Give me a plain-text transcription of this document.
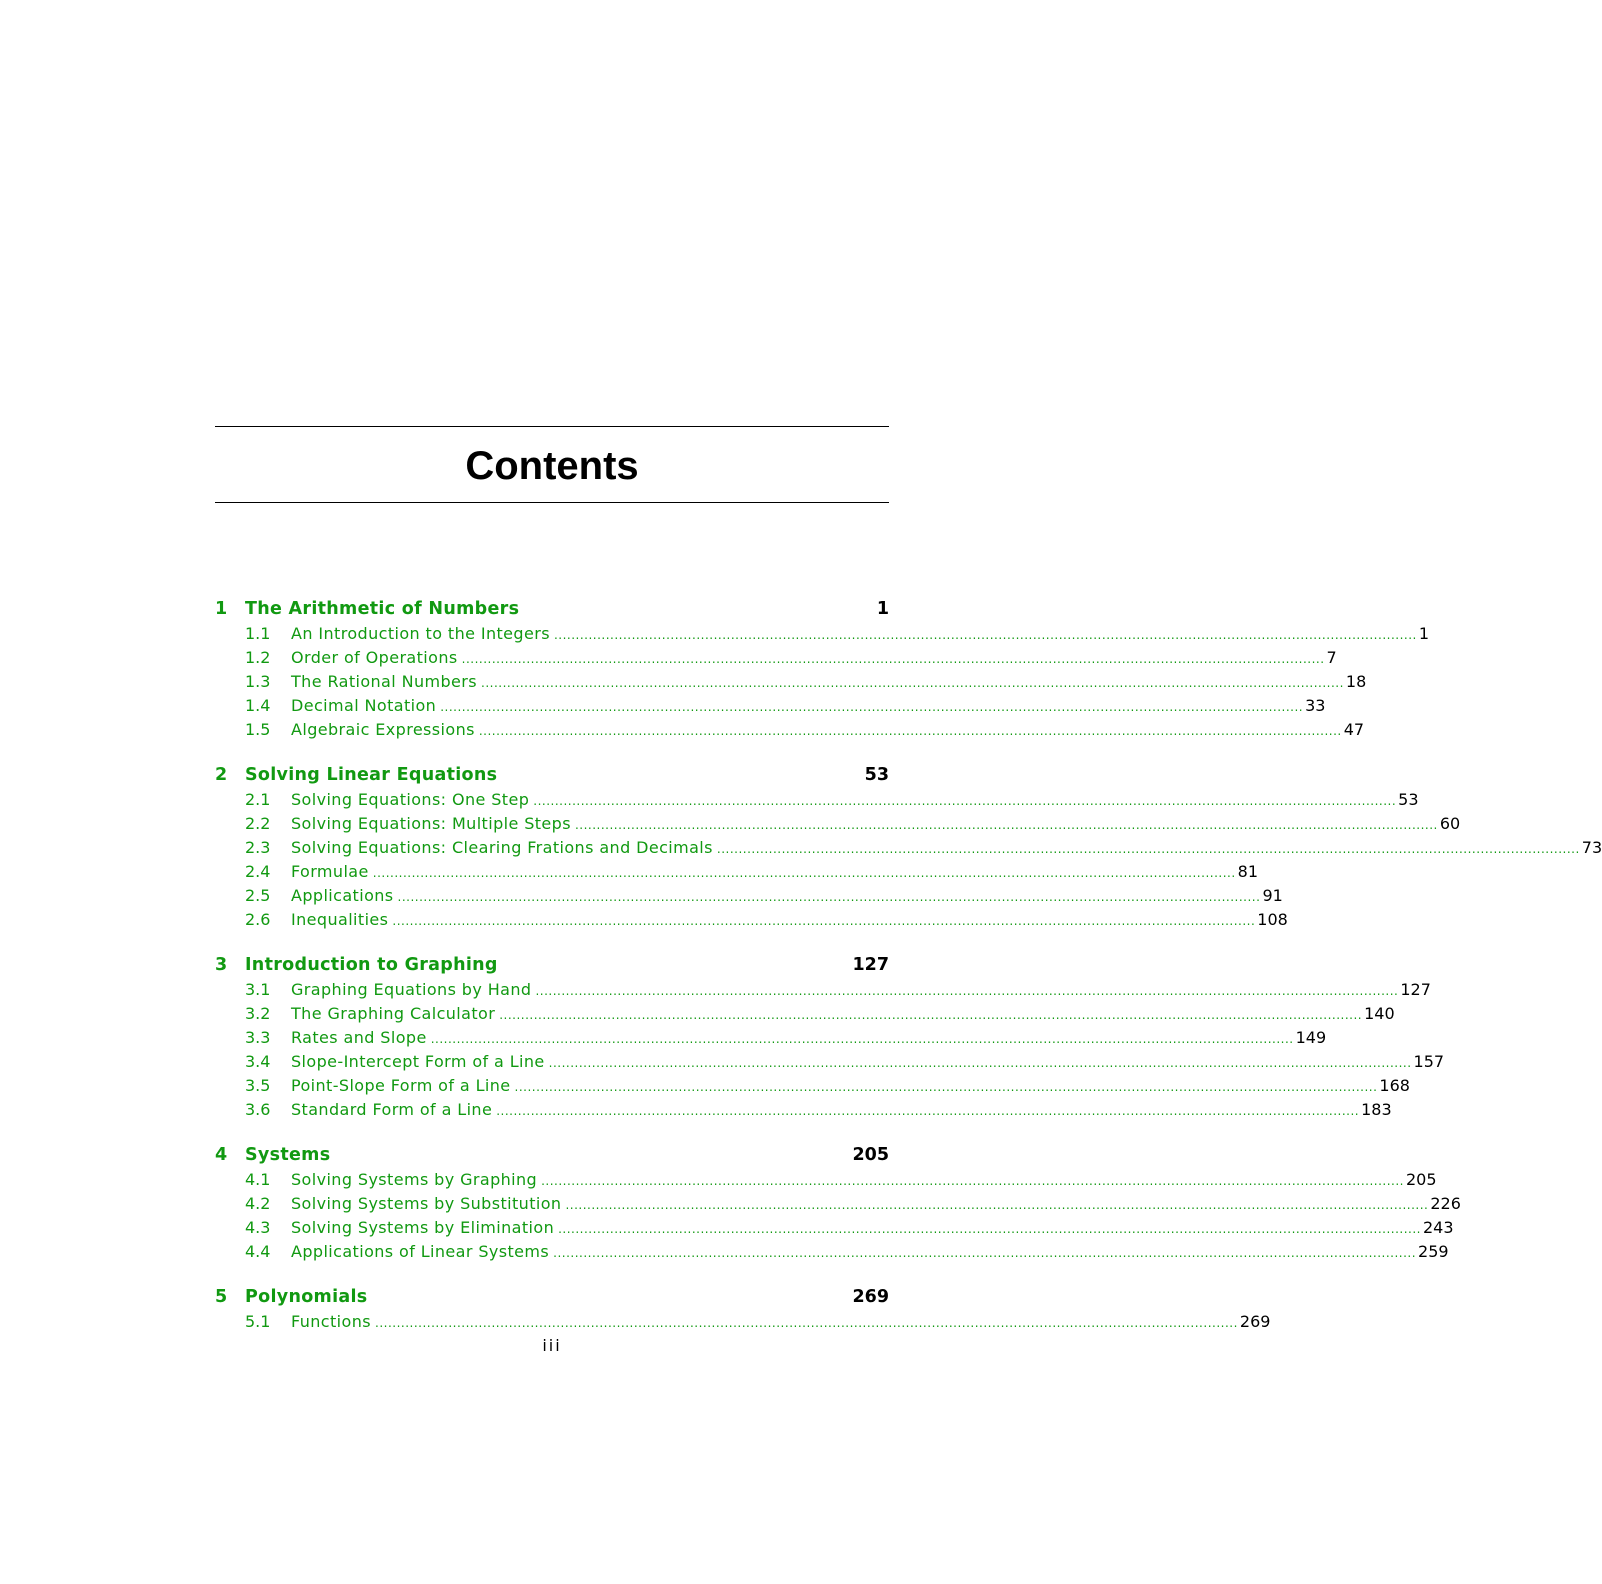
Contents
1	The Arithmetic of Numbers	1
1.1	An Introduction to the Integers ........................................................................................................................................................................................................ 1
1.2	Order of Operations ........................................................................................................................................................................................................ 7
1.3	The Rational Numbers ........................................................................................................................................................................................................ 18
1.4	Decimal Notation ........................................................................................................................................................................................................ 33
1.5	Algebraic Expressions ........................................................................................................................................................................................................ 47
2	Solving Linear Equations	53
2.1	Solving Equations: One Step ........................................................................................................................................................................................................ 53
2.2	Solving Equations: Multiple Steps ........................................................................................................................................................................................................ 60
2.3	Solving Equations: Clearing Frations and Decimals ........................................................................................................................................................................................................ 73
2.4	Formulae ........................................................................................................................................................................................................ 81
2.5	Applications ........................................................................................................................................................................................................ 91
2.6	Inequalities ........................................................................................................................................................................................................ 108
3	Introduction to Graphing	127
3.1	Graphing Equations by Hand ........................................................................................................................................................................................................ 127
3.2	The Graphing Calculator ........................................................................................................................................................................................................ 140
3.3	Rates and Slope ........................................................................................................................................................................................................ 149
3.4	Slope-Intercept Form of a Line ........................................................................................................................................................................................................ 157
3.5	Point-Slope Form of a Line ........................................................................................................................................................................................................ 168
3.6	Standard Form of a Line ........................................................................................................................................................................................................ 183
4	Systems	205
4.1	Solving Systems by Graphing ........................................................................................................................................................................................................ 205
4.2	Solving Systems by Substitution ........................................................................................................................................................................................................ 226
4.3	Solving Systems by Elimination ........................................................................................................................................................................................................ 243
4.4	Applications of Linear Systems ........................................................................................................................................................................................................ 259
5	Polynomials	269
5.1	Functions ........................................................................................................................................................................................................ 269
iii
